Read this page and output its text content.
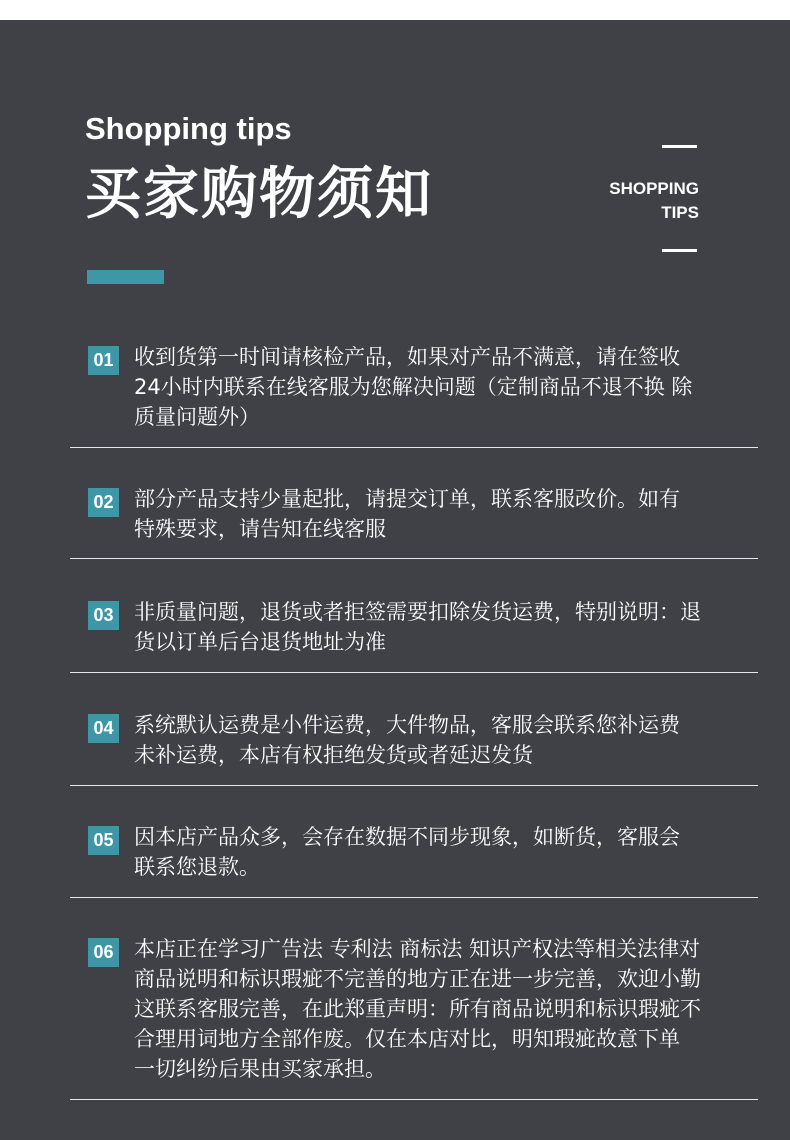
Shopping tips
买家购物须知	SHOPPING
TIPS
01 收到货第一时间请核检产品，如果对产品不满意，请在签收
24小时内联系在线客服为您解决问题（定制商品不退不换 除
质量问题外）
02 部分产品支持少量起批，请提交订单，联系客服改价。如有
特殊要求，请告知在线客服
03 非质量问题，退货或者拒签需要扣除发货运费，特别说明：退
货以订单后台退货地址为准
04 系统默认运费是小件运费，大件物品，客服会联系您补运费
未补运费，本店有权拒绝发货或者延迟发货
05 因本店产品众多，会存在数据不同步现象，如断货，客服会
联系您退款。
06 本店正在学习广告法 专利法 商标法 知识产权法等相关法律对
商品说明和标识瑕疵不完善的地方正在进一步完善，欢迎小勤
这联系客服完善，在此郑重声明：所有商品说明和标识瑕疵不
合理用词地方全部作废。仅在本店对比，明知瑕疵故意下单
一切纠纷后果由买家承担。
